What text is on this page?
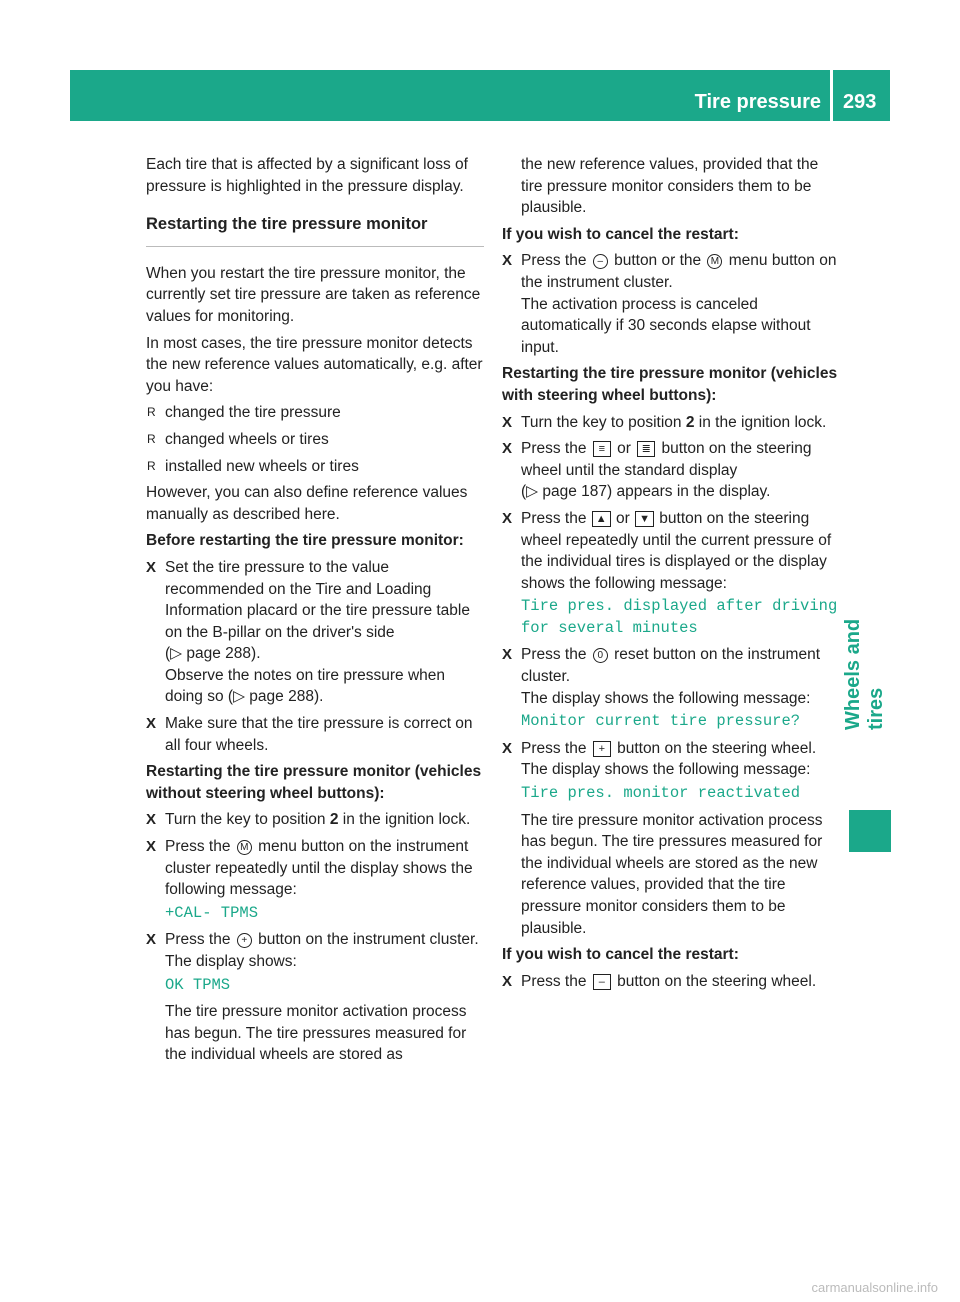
Tire pressure 293
Wheels and tires

Each tire that is affected by a significant loss of pressure is highlighted in the pressure display.

Restarting the tire pressure monitor

When you restart the tire pressure monitor, the currently set tire pressure are taken as reference values for monitoring.

In most cases, the tire pressure monitor detects the new reference values automatically, e.g. after you have:

R changed the tire pressure
R changed wheels or tires
R installed new wheels or tires

However, you can also define reference values manually as described here.

Before restarting the tire pressure monitor:
X Set the tire pressure to the value recommended on the Tire and Loading Information placard or the tire pressure table on the B-pillar on the driver's side
(▷ page 288).
Observe the notes on tire pressure when doing so (▷ page 288).
X Make sure that the tire pressure is correct on all four wheels.
Restarting the tire pressure monitor (vehicles without steering wheel buttons):
X Turn the key to position 2 in the ignition lock.
X Press the M menu button on the instrument cluster repeatedly until the display shows the following message:
+CAL- TPMS
X Press the + button on the instrument cluster.
The display shows:
OK TPMS
The tire pressure monitor activation process has begun. The tire pressures measured for the individual wheels are stored as

the new reference values, provided that the tire pressure monitor considers them to be plausible.

If you wish to cancel the restart:
X Press the – button or the M menu button on the instrument cluster.
The activation process is canceled automatically if 30 seconds elapse without input.
Restarting the tire pressure monitor (vehicles with steering wheel buttons):
X Turn the key to position 2 in the ignition lock.
X Press the ≡ or ≣ button on the steering wheel until the standard display
(▷ page 187) appears in the display.
X Press the ▲ or ▼ button on the steering wheel repeatedly until the current pressure of the individual tires is displayed or the display shows the following message:
Tire pres. displayed after driving for several minutes
X Press the 0 reset button on the instrument cluster.
The display shows the following message:
Monitor current tire pressure?
X Press the + button on the steering wheel.
The display shows the following message:
Tire pres. monitor reactivated
The tire pressure monitor activation process has begun. The tire pressures measured for the individual wheels are stored as the new reference values, provided that the tire pressure monitor considers them to be plausible.
If you wish to cancel the restart:
X Press the – button on the steering wheel.
carmanualsonline.info
